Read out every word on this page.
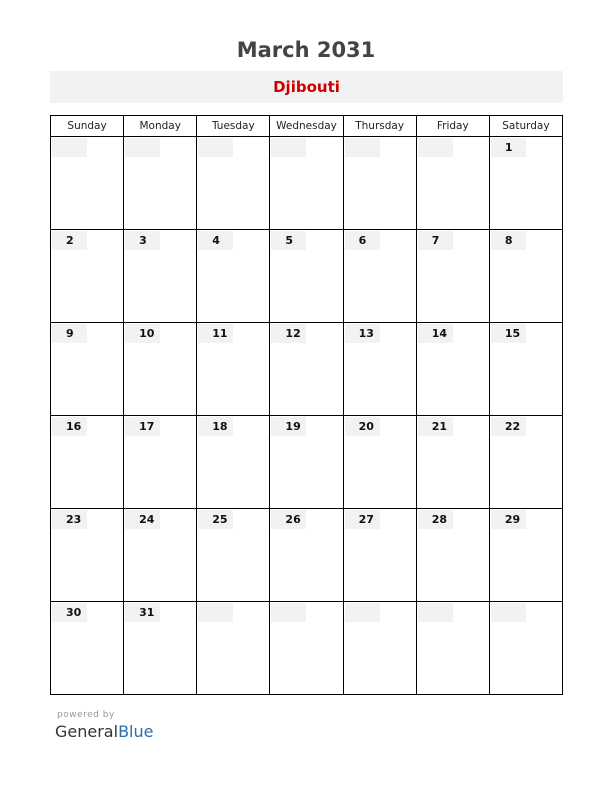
March 2031
Djibouti
Sunday	Monday	Tuesday	Wednesday	Thursday	Friday	Saturday

						1

2	3	4	5	6	7	8

9	10	11	12	13	14	15

16	17	18	19	20	21	22

23	24	25	26	27	28	29

30	31					

powered by
GeneralBlue
